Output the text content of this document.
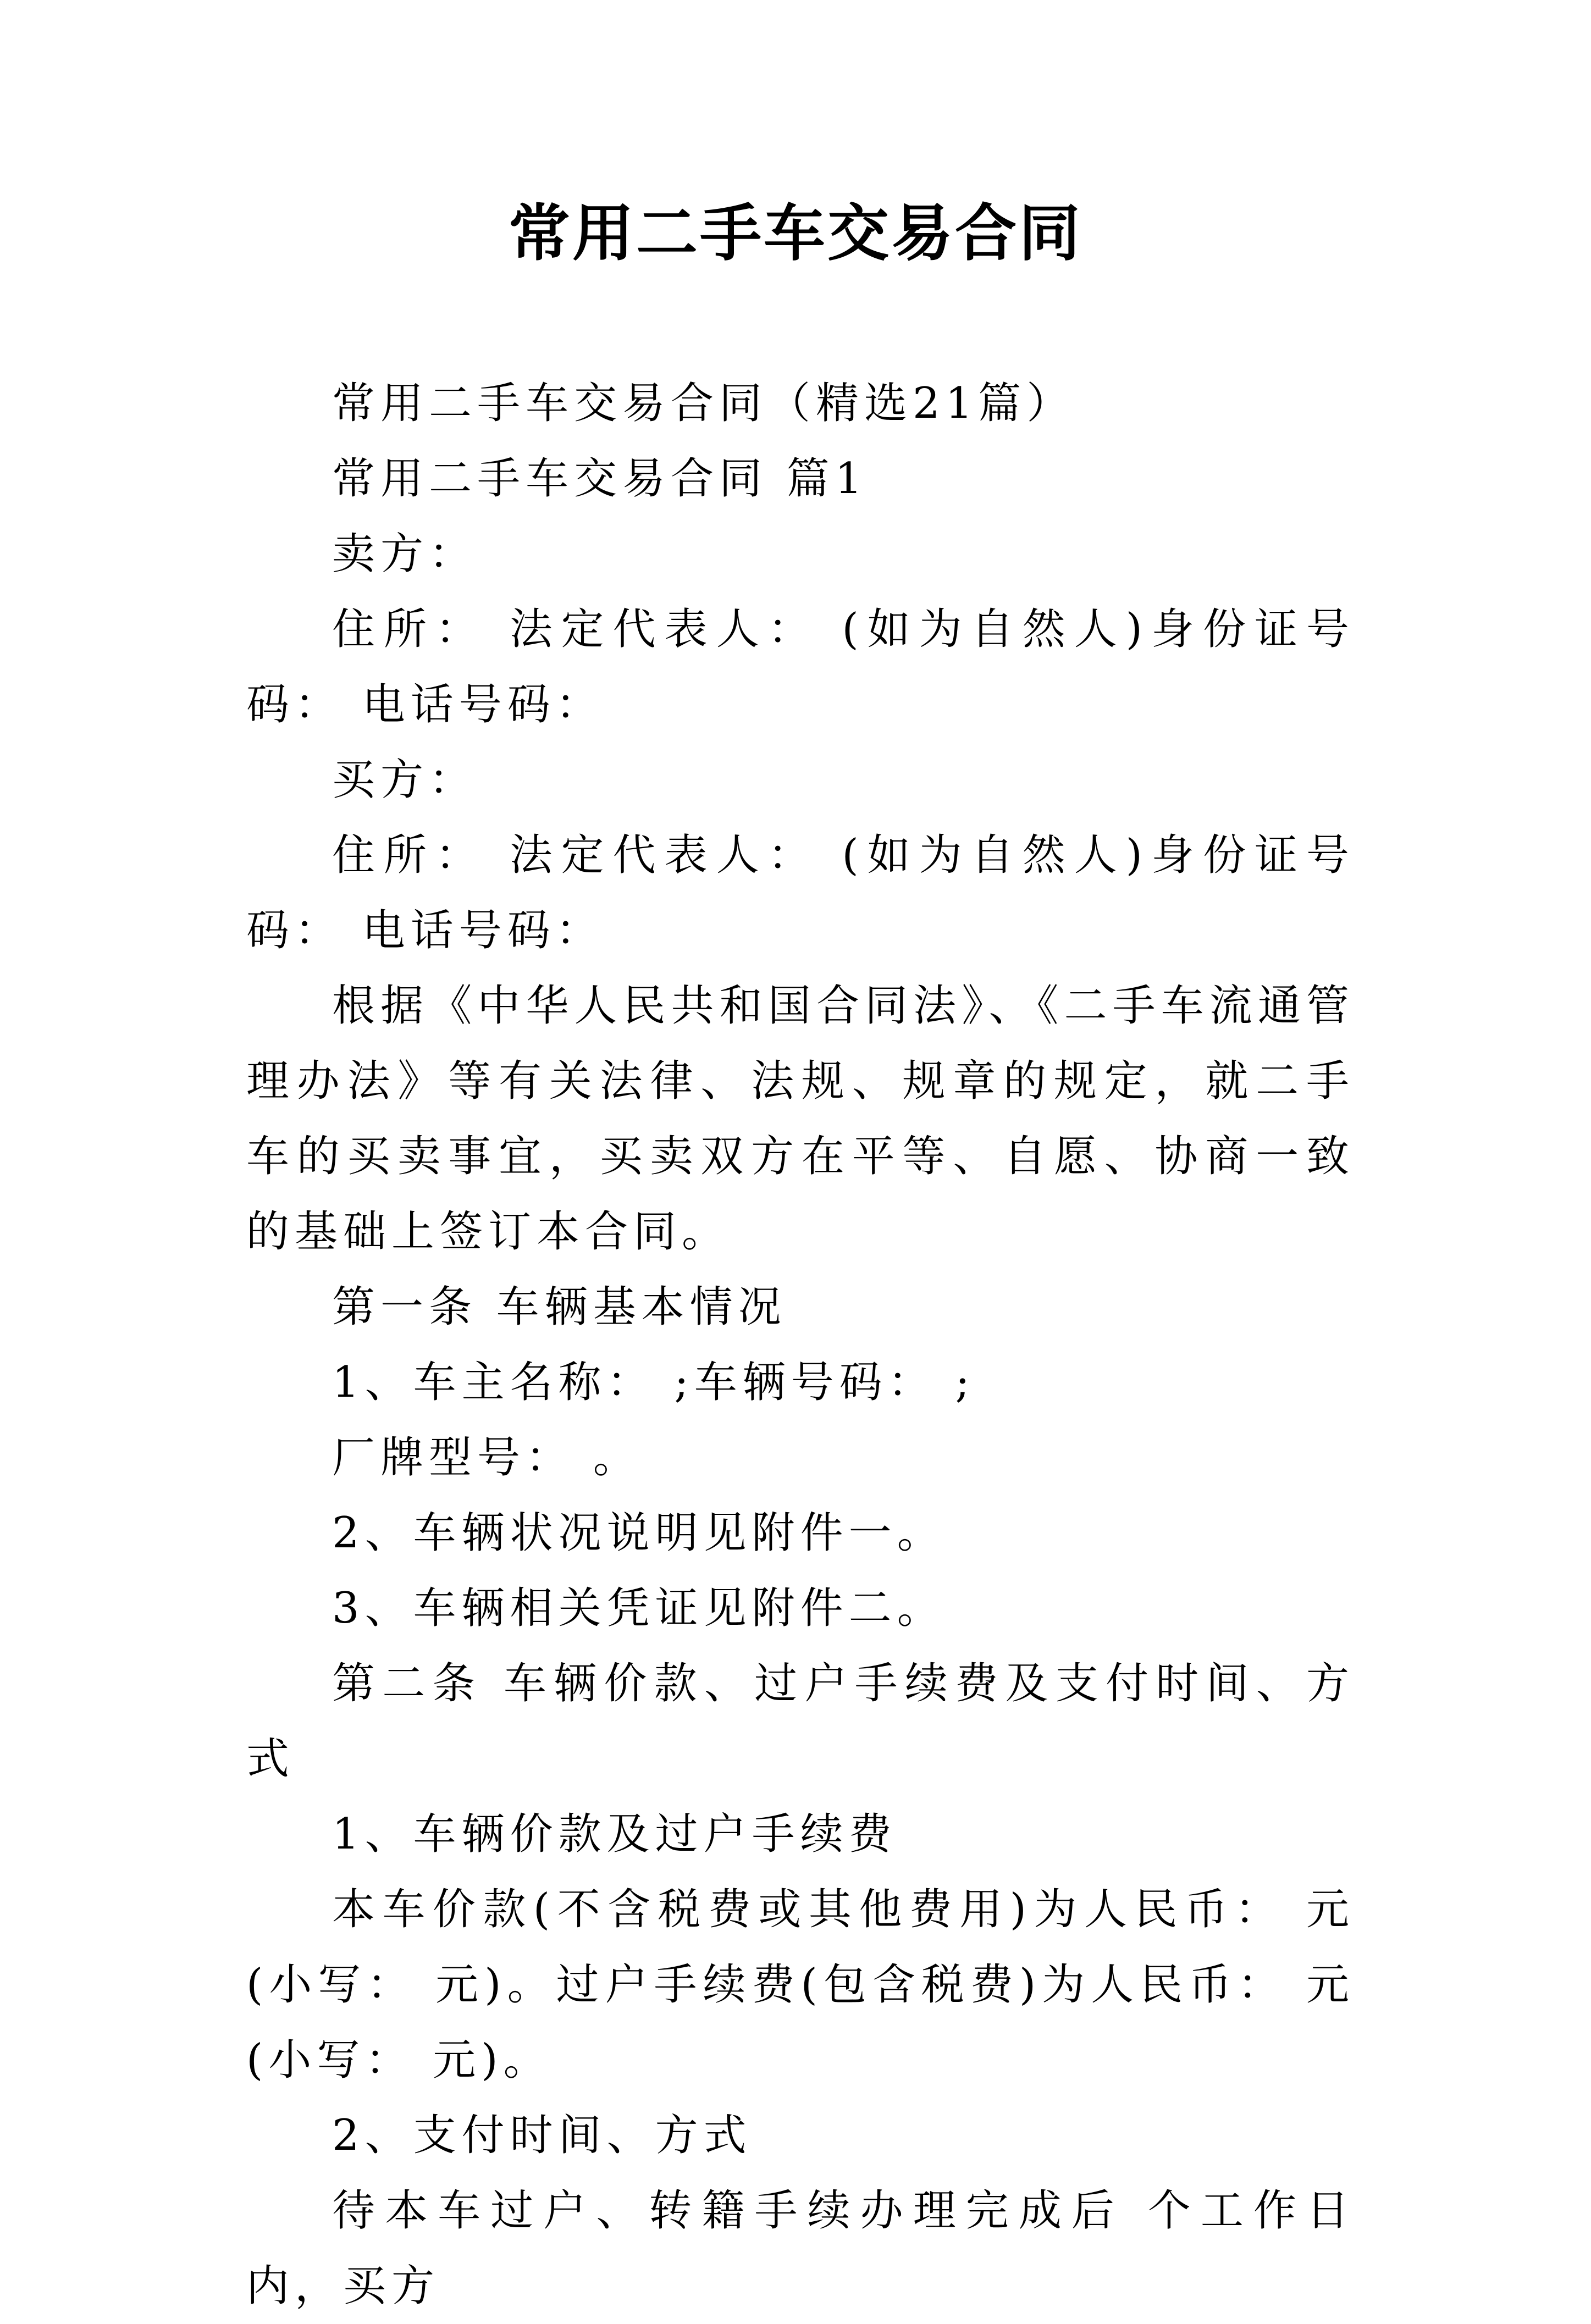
常用二手车交易合同

常用二手车交易合同（精选21篇）

常用二手车交易合同 篇1

卖方：

住所： 法定代表人： (如为自然人)身份证号码： 电话号码：

买方：

住所： 法定代表人： (如为自然人)身份证号码： 电话号码：

根据《中华人民共和国合同法》、《二手车流通管理办法》等有关法律、法规、规章的规定，就二手车的买卖事宜，买卖双方在平等、自愿、协商一致的基础上签订本合同。

第一条 车辆基本情况

1、车主名称： ;车辆号码： ;

厂牌型号： 。

2、车辆状况说明见附件一。

3、车辆相关凭证见附件二。

第二条 车辆价款、过户手续费及支付时间、方式

1、车辆价款及过户手续费

本车价款(不含税费或其他费用)为人民币： 元(小写： 元)。过户手续费(包含税费)为人民币： 元(小写： 元)。

2、支付时间、方式

待本车过户、转籍手续办理完成后 个工作日内，买方
